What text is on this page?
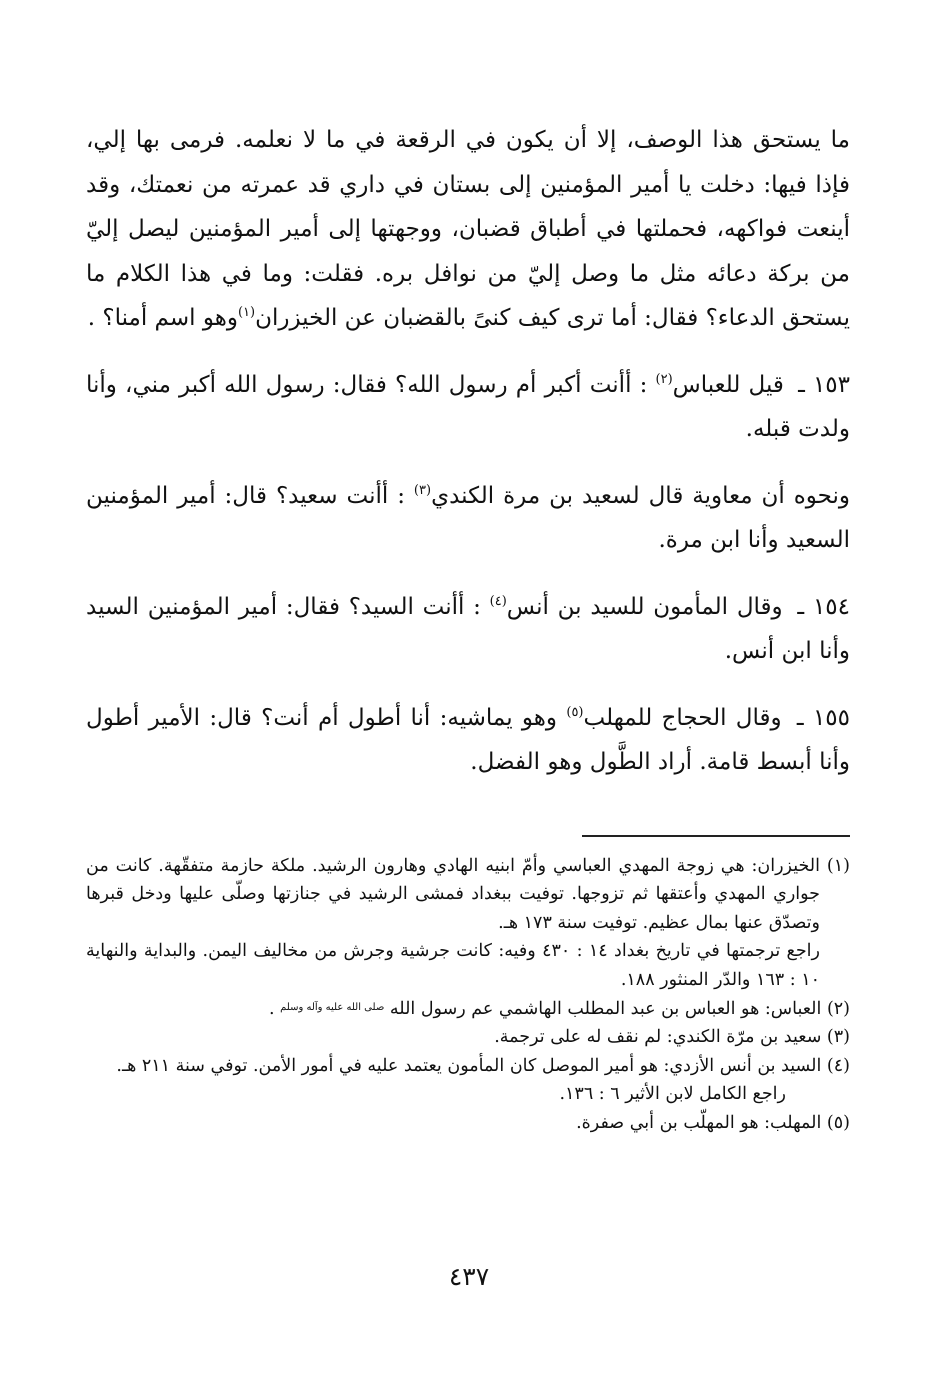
ما يستحق هذا الوصف، إلا أن يكون في الرقعة في ما لا نعلمه. فرمى بها إلي، فإذا فيها: دخلت يا أمير المؤمنين إلى بستان في داري قد عمرته من نعمتك، وقد أينعت فواكهه، فحملتها في أطباق قضبان، ووجهتها إلى أمير المؤمنين ليصل إليّ من بركة دعائه مثل ما وصل إليّ من نوافل بره. فقلت: وما في هذا الكلام ما يستحق الدعاء؟ فقال: أما ترى كيف كنىً بالقضبان عن الخيزران$^{(١)}$وهو اسم أمنا؟ .

١٥٣ ـ قيل للعباس$^{(٢)}$ : أأنت أكبر أم رسول الله؟ فقال: رسول الله أكبر مني، وأنا ولدت قبله.

ونحوه أن معاوية قال لسعيد بن مرة الكندي$^{(٣)}$ : أأنت سعيد؟ قال: أمير المؤمنين السعيد وأنا ابن مرة.

١٥٤ ـ وقال المأمون للسيد بن أنس$^{(٤)}$ : أأنت السيد؟ فقال: أمير المؤمنين السيد وأنا ابن أنس.

١٥٥ ـ وقال الحجاج للمهلب$^{(٥)}$ وهو يماشيه: أنا أطول أم أنت؟ قال: الأمير أطول وأنا أبسط قامة. أراد الطَّول وهو الفضل.

(١) الخيزران: هي زوجة المهدي العباسي وأمّ ابنيه الهادي وهارون الرشيد. ملكة حازمة متفقّهة. كانت من جواري المهدي وأعتقها ثم تزوجها. توفيت ببغداد فمشى الرشيد في جنازتها وصلّى عليها ودخل قبرها وتصدّق عنها بمال عظيم. توفيت سنة ١٧٣ هـ.

راجع ترجمتها في تاريخ بغداد ١٤ : ٤٣٠ وفيه: كانت جرشية وجرش من مخاليف اليمن. والبداية والنهاية ١٠ : ١٦٣ والدّر المنثور ١٨٨.

(٢) العباس: هو العباس بن عبد المطلب الهاشمي عم رسول الله $^{صلى الله عليه وآله وسلم}$ .

(٣) سعيد بن مرّة الكندي: لم نقف له على ترجمة.

(٤) السيد بن أنس الأزدي: هو أمير الموصل كان المأمون يعتمد عليه في أمور الأمن. توفي سنة ٢١١ هـ.

راجع الكامل لابن الأثير ٦ : ١٣٦.

(٥) المهلب: هو المهلّب بن أبي صفرة.

٤٣٧
